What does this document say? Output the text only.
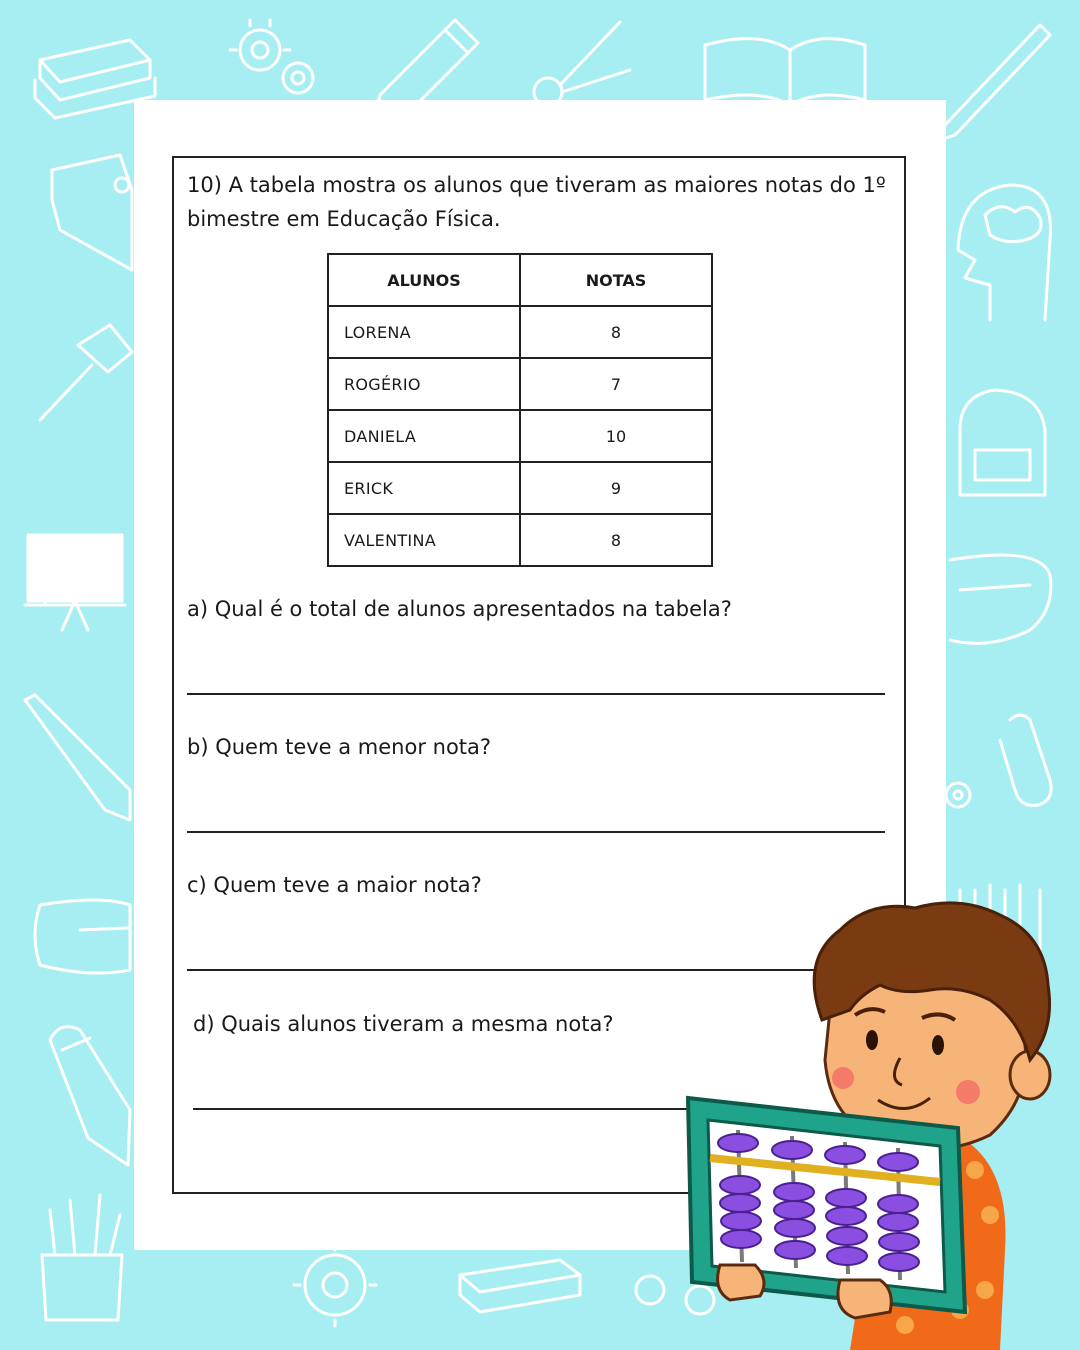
10) A tabela mostra os alunos que tiveram as maiores notas do 1º bimestre em Educação Física.

ALUNOS	NOTAS
LORENA	8
ROGÉRIO	7
DANIELA	10
ERICK	9
VALENTINA	8

a) Qual é o total de alunos apresentados na tabela?

b) Quem teve a menor nota?

c) Quem teve a maior nota?

d) Quais alunos tiveram a mesma nota?
